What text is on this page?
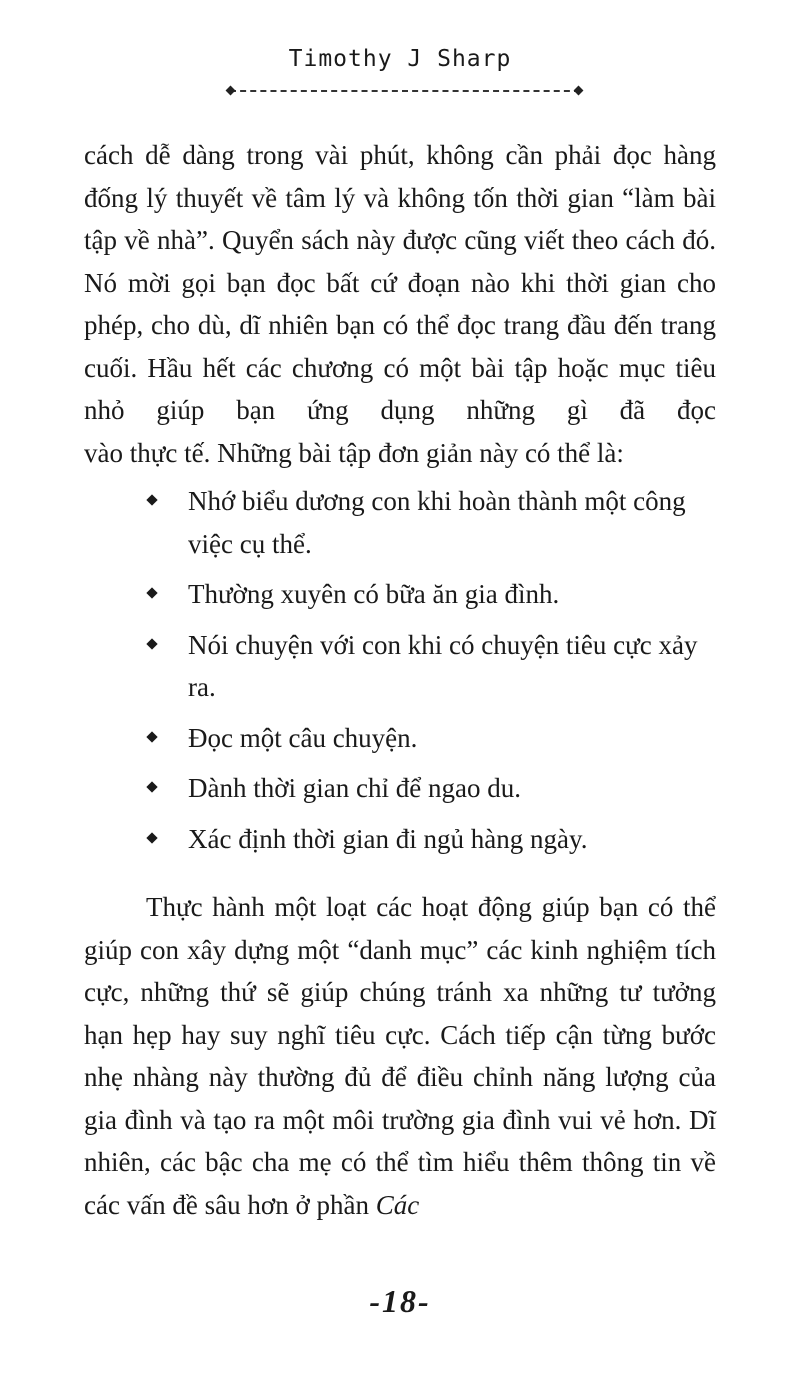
Timothy J Sharp

cách dễ dàng trong vài phút, không cần phải đọc hàng đống lý thuyết về tâm lý và không tốn thời gian “làm bài tập về nhà”. Quyển sách này được cũng viết theo cách đó. Nó mời gọi bạn đọc bất cứ đoạn nào khi thời gian cho phép, cho dù, dĩ nhiên bạn có thể đọc trang đầu đến trang cuối. Hầu hết các chương có một bài tập hoặc mục tiêu nhỏ giúp bạn ứng dụng những gì đã đọc
vào thực tế. Những bài tập đơn giản này có thể là:

Nhớ biểu dương con khi hoàn thành một công việc cụ thể.
Thường xuyên có bữa ăn gia đình.
Nói chuyện với con khi có chuyện tiêu cực xảy ra.
Đọc một câu chuyện.
Dành thời gian chỉ để ngao du.
Xác định thời gian đi ngủ hàng ngày.

Thực hành một loạt các hoạt động giúp bạn có thể giúp con xây dựng một “danh mục” các kinh nghiệm tích cực, những thứ sẽ giúp chúng tránh xa những tư tưởng hạn hẹp hay suy nghĩ tiêu cực. Cách tiếp cận từng bước nhẹ nhàng này thường đủ để điều chỉnh năng lượng của gia đình và tạo ra một môi trường gia đình vui vẻ hơn. Dĩ nhiên, các bậc cha mẹ có thể tìm hiểu thêm thông tin về các vấn đề sâu hơn ở phần Các

-18-
